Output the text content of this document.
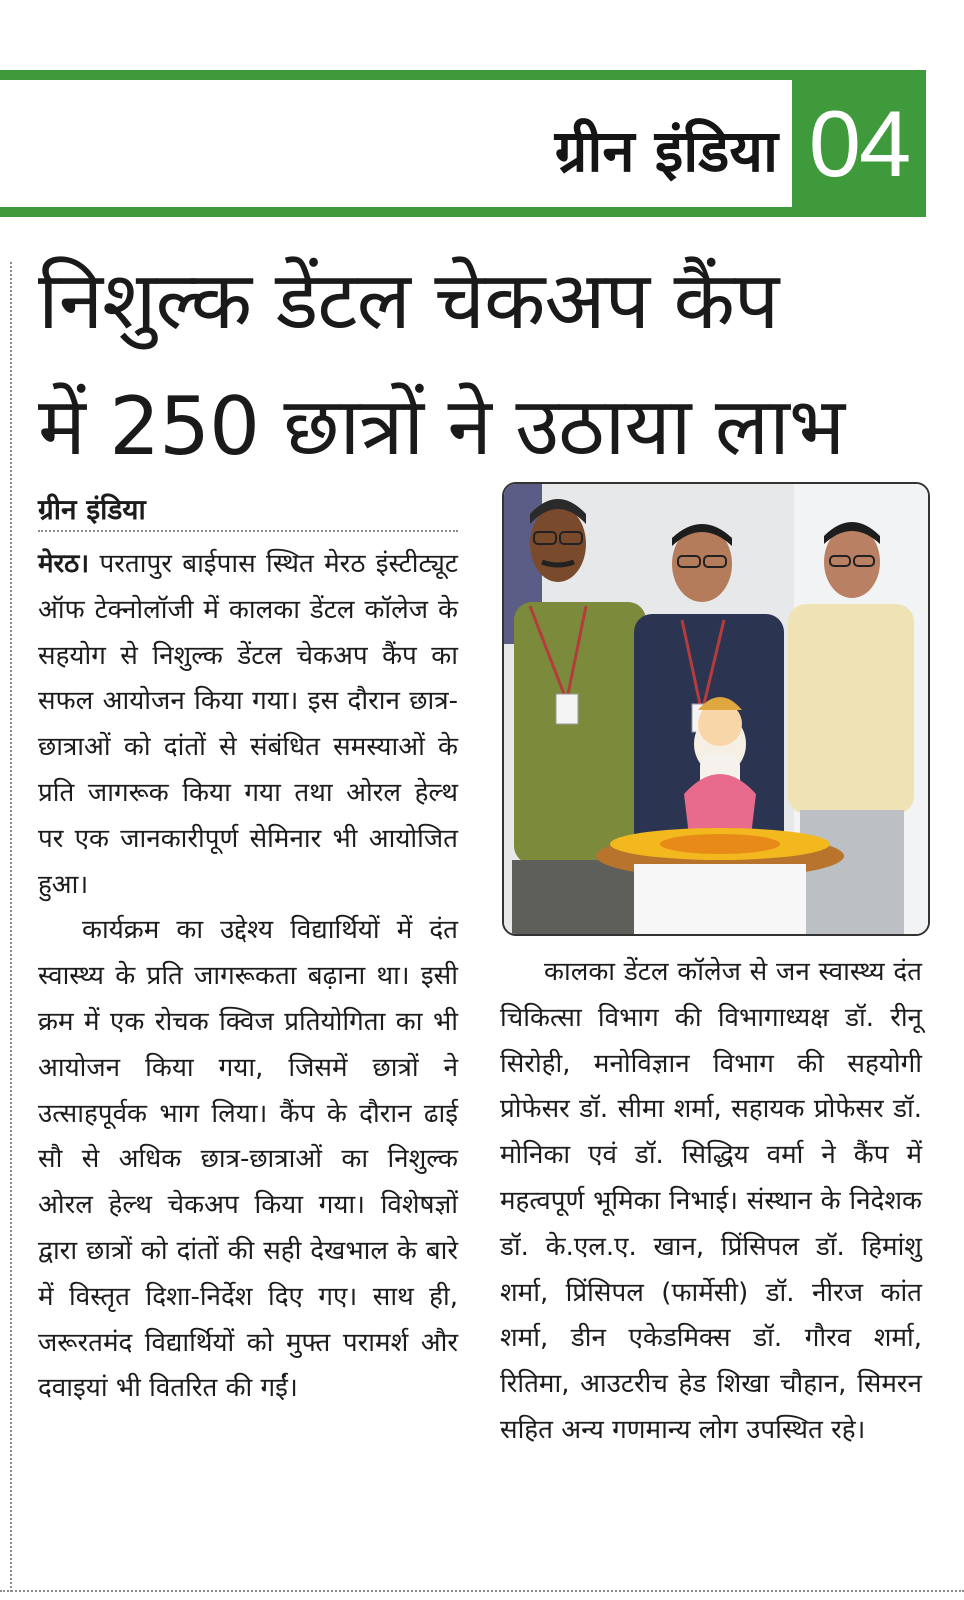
ग्रीन इंडिया 04
निशुल्क डेंटल चेकअप कैंप
में 250 छात्रों ने उठाया लाभ
ग्रीन इंडिया

मेरठ। परतापुर बाईपास स्थित मेरठ इंस्टीट्यूट ऑफ टेक्नोलॉजी में कालका डेंटल कॉलेज के सहयोग से निशुल्क डेंटल चेकअप कैंप का सफल आयोजन किया गया। इस दौरान छात्र-छात्राओं को दांतों से संबंधित समस्याओं के प्रति जागरूक किया गया तथा ओरल हेल्थ पर एक जानकारीपूर्ण सेमिनार भी आयोजित हुआ।

कार्यक्रम का उद्देश्य विद्यार्थियों में दंत स्वास्थ्य के प्रति जागरूकता बढ़ाना था। इसी क्रम में एक रोचक क्विज प्रतियोगिता का भी आयोजन किया गया, जिसमें छात्रों ने उत्साहपूर्वक भाग लिया। कैंप के दौरान ढाई सौ से अधिक छात्र-छात्राओं का निशुल्क ओरल हेल्थ चेकअप किया गया। विशेषज्ञों द्वारा छात्रों को दांतों की सही देखभाल के बारे में विस्तृत दिशा-निर्देश दिए गए। साथ ही, जरूरतमंद विद्यार्थियों को मुफ्त परामर्श और दवाइयां भी वितरित की गईं।

कालका डेंटल कॉलेज से जन स्वास्थ्य दंत चिकित्सा विभाग की विभागाध्यक्ष डॉ. रीनू सिरोही, मनोविज्ञान विभाग की सहयोगी प्रोफेसर डॉ. सीमा शर्मा, सहायक प्रोफेसर डॉ. मोनिका एवं डॉ. सिद्धिय वर्मा ने कैंप में महत्वपूर्ण भूमिका निभाई। संस्थान के निदेशक डॉ. के.एल.ए. खान, प्रिंसिपल डॉ. हिमांशु शर्मा, प्रिंसिपल (फार्मेसी) डॉ. नीरज कांत शर्मा, डीन एकेडमिक्स डॉ. गौरव शर्मा, रितिमा, आउटरीच हेड शिखा चौहान, सिमरन सहित अन्य गणमान्य लोग उपस्थित रहे।
